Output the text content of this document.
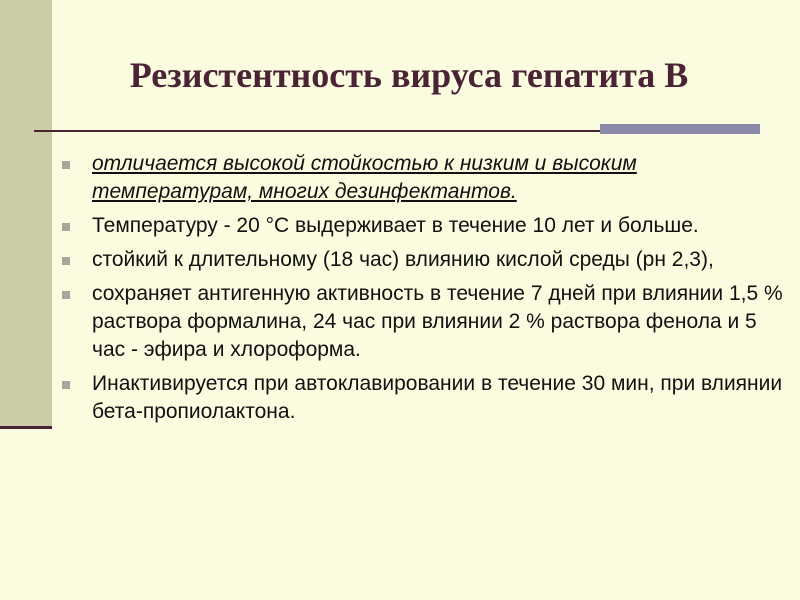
Резистентность вируса гепатита В
отличается высокой стойкостью к низким и высоким температурам, многих дезинфектантов.
Температуру - 20 °С выдерживает в течение 10 лет и больше.
стойкий к длительному (18 час) влиянию кислой среды (рн 2,3),
сохраняет антигенную активность в течение 7 дней при влиянии 1,5 % раствора формалина, 24 час при влиянии 2 % раствора фенола и 5 час - эфира и хлороформа.
Инактивируется при автоклавировании в течение 30 мин, при влиянии бета-пропиолактона.
